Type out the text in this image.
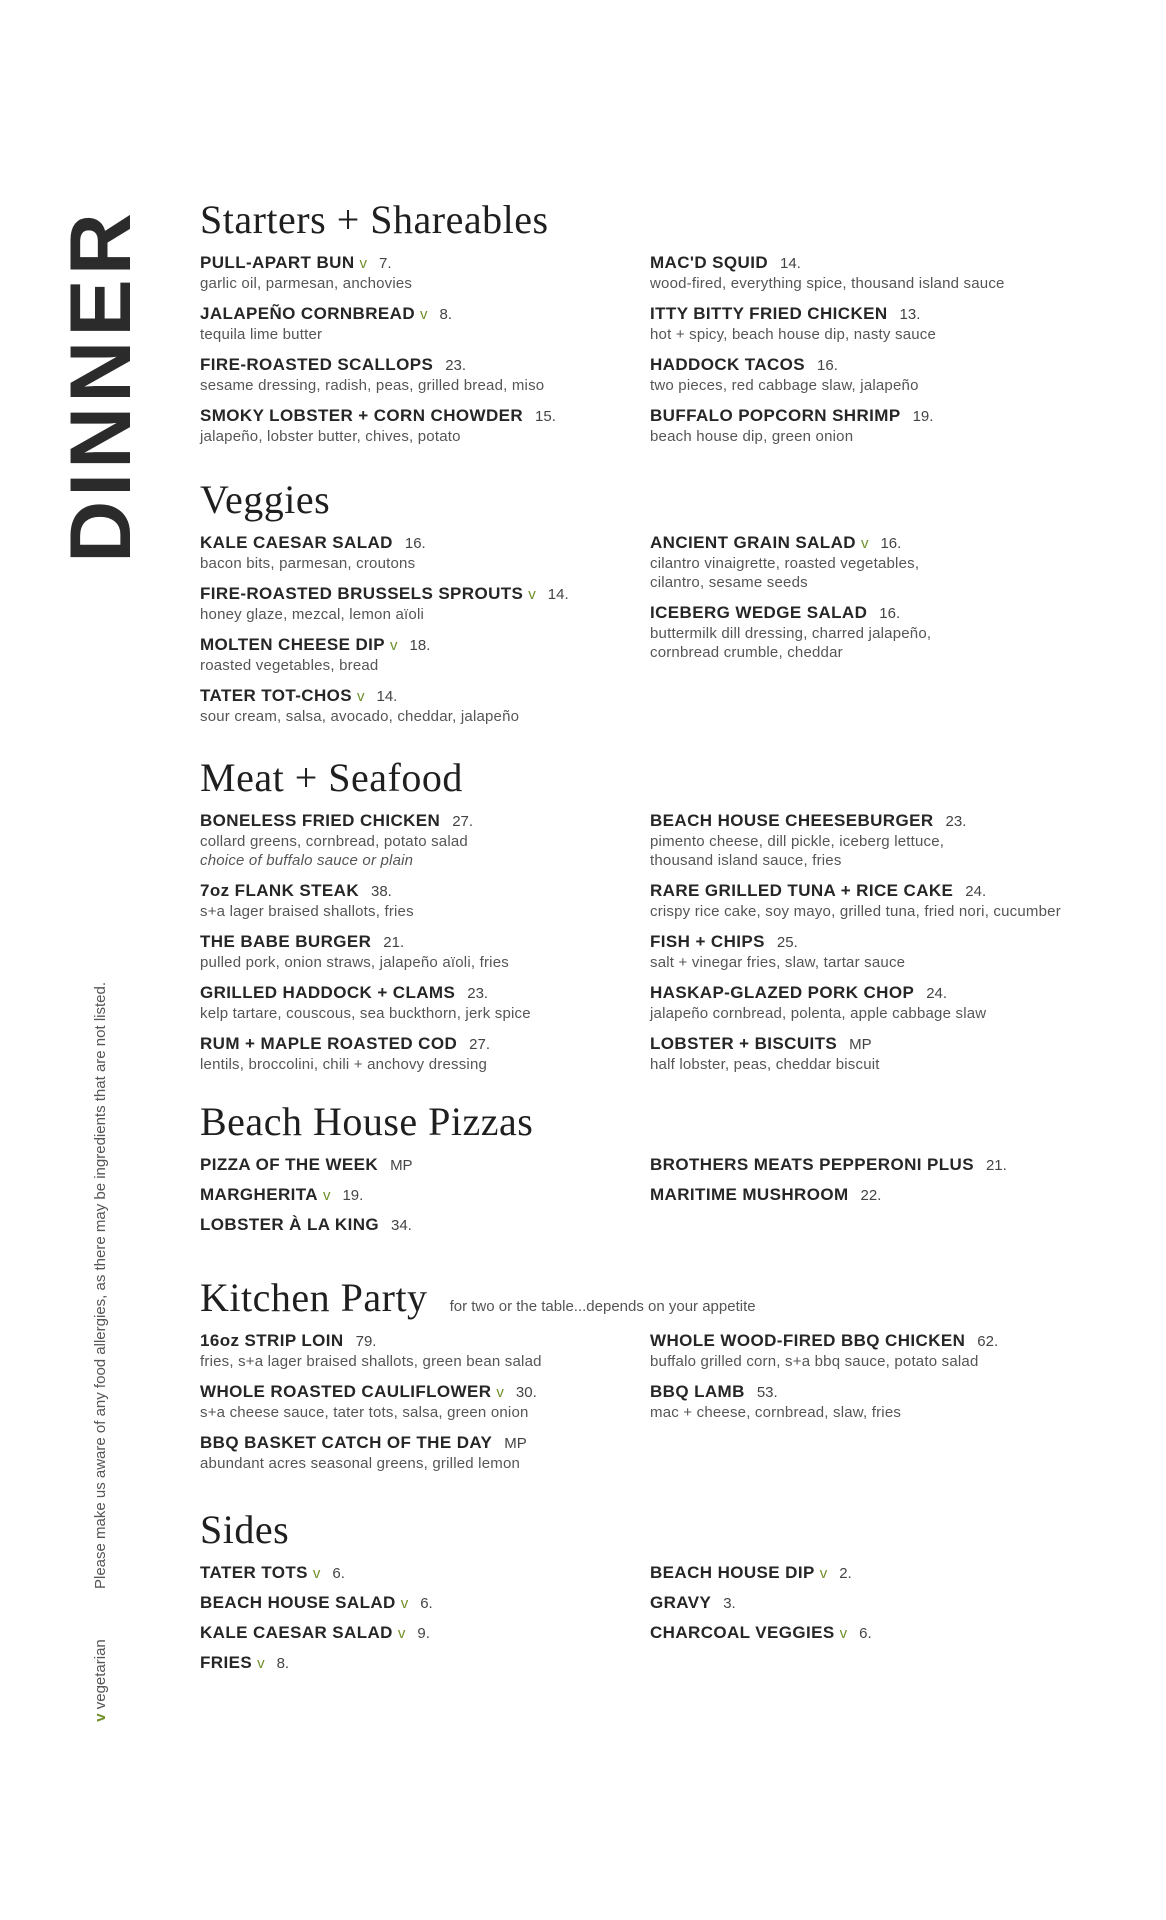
DINNER
Please make us aware of any food allergies, as there may be ingredients that are not listed.
v vegetarian
Starters + Shareables
PULL-APART BUN v 7.
garlic oil, parmesan, anchovies
JALAPEÑO CORNBREAD v 8.
tequila lime butter
FIRE-ROASTED SCALLOPS 23.
sesame dressing, radish, peas, grilled bread, miso
SMOKY LOBSTER + CORN CHOWDER 15.
jalapeño, lobster butter, chives, potato
MAC'D SQUID 14.
wood-fired, everything spice, thousand island sauce
ITTY BITTY FRIED CHICKEN 13.
hot + spicy, beach house dip, nasty sauce
HADDOCK TACOS 16.
two pieces, red cabbage slaw, jalapeño
BUFFALO POPCORN SHRIMP 19.
beach house dip, green onion
Veggies
KALE CAESAR SALAD 16.
bacon bits, parmesan, croutons
FIRE-ROASTED BRUSSELS SPROUTS v 14.
honey glaze, mezcal, lemon aïoli
MOLTEN CHEESE DIP v 18.
roasted vegetables, bread
TATER TOT-CHOS v 14.
sour cream, salsa, avocado, cheddar, jalapeño
ANCIENT GRAIN SALAD v 16.
cilantro vinaigrette, roasted vegetables,
cilantro, sesame seeds
ICEBERG WEDGE SALAD 16.
buttermilk dill dressing, charred jalapeño,
cornbread crumble, cheddar
Meat + Seafood
BONELESS FRIED CHICKEN 27.
collard greens, cornbread, potato salad
choice of buffalo sauce or plain
7oz FLANK STEAK 38.
s+a lager braised shallots, fries
THE BABE BURGER 21.
pulled pork, onion straws, jalapeño aïoli, fries
GRILLED HADDOCK + CLAMS 23.
kelp tartare, couscous, sea buckthorn, jerk spice
RUM + MAPLE ROASTED COD 27.
lentils, broccolini, chili + anchovy dressing
BEACH HOUSE CHEESEBURGER 23.
pimento cheese, dill pickle, iceberg lettuce,
thousand island sauce, fries
RARE GRILLED TUNA + RICE CAKE 24.
crispy rice cake, soy mayo, grilled tuna, fried nori, cucumber
FISH + CHIPS 25.
salt + vinegar fries, slaw, tartar sauce
HASKAP-GLAZED PORK CHOP 24.
jalapeño cornbread, polenta, apple cabbage slaw
LOBSTER + BISCUITS MP
half lobster, peas, cheddar biscuit
Beach House Pizzas
PIZZA OF THE WEEK MP
MARGHERITA v 19.
LOBSTER À LA KING 34.
BROTHERS MEATS PEPPERONI PLUS 21.
MARITIME MUSHROOM 22.
Kitchen Party for two or the table...depends on your appetite
16oz STRIP LOIN 79.
fries, s+a lager braised shallots, green bean salad
WHOLE ROASTED CAULIFLOWER v 30.
s+a cheese sauce, tater tots, salsa, green onion
BBQ BASKET CATCH OF THE DAY MP
abundant acres seasonal greens, grilled lemon
WHOLE WOOD-FIRED BBQ CHICKEN 62.
buffalo grilled corn, s+a bbq sauce, potato salad
BBQ LAMB 53.
mac + cheese, cornbread, slaw, fries
Sides
TATER TOTS v 6.
BEACH HOUSE SALAD v 6.
KALE CAESAR SALAD v 9.
FRIES v 8.
BEACH HOUSE DIP v 2.
GRAVY 3.
CHARCOAL VEGGIES v 6.
